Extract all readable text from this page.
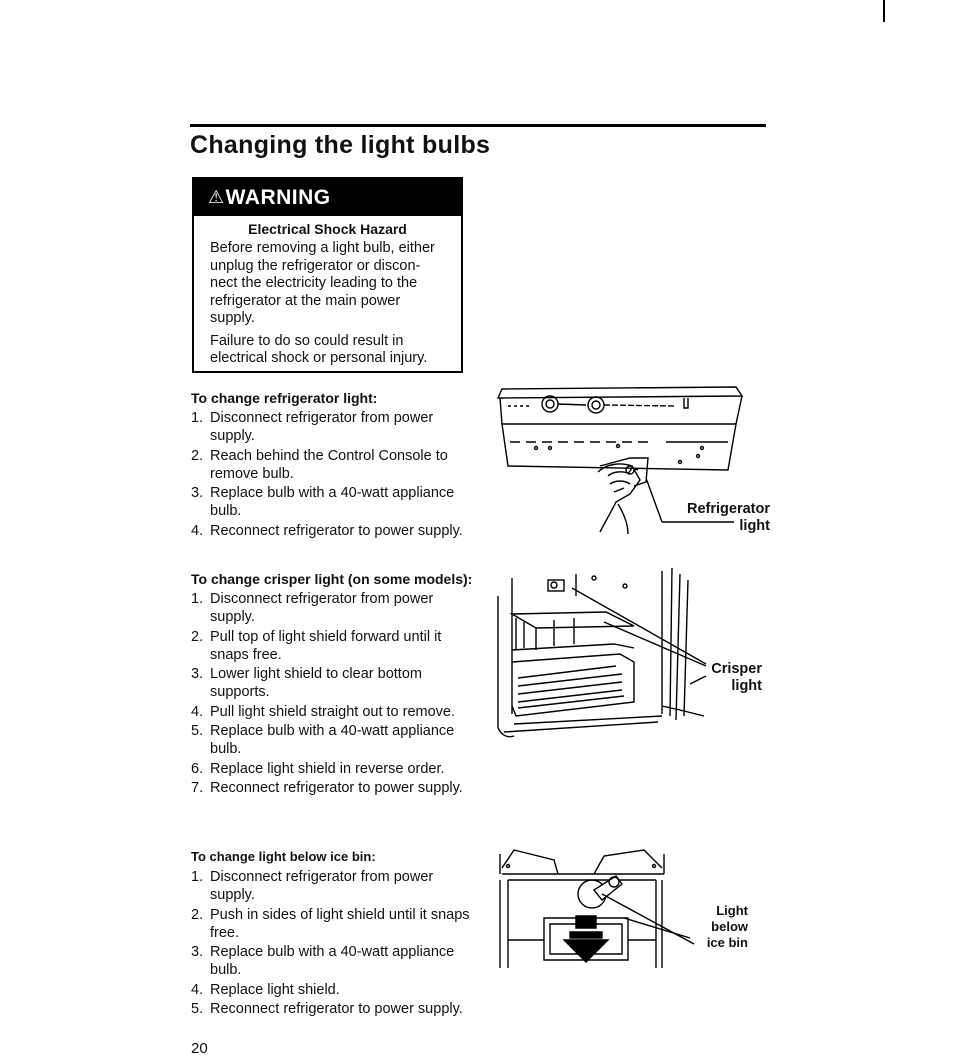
Changing the light bulbs
⚠ WARNING
Electrical Shock Hazard

Before removing a light bulb, either unplug the refrigerator or discon-nect the electricity leading to the refrigerator at the main power supply.

Failure to do so could result in electrical shock or personal injury.

To change refrigerator light:
1. Disconnect refrigerator from power supply.
2. Reach behind the Control Console to remove bulb.
3. Replace bulb with a 40-watt appliance bulb.
4. Reconnect refrigerator to power supply.
To change crisper light (on some models):
1. Disconnect refrigerator from power supply.
2. Pull top of light shield forward until it snaps free.
3. Lower light shield to clear bottom supports.
4. Pull light shield straight out to remove.
5. Replace bulb with a 40-watt appliance bulb.
6. Replace light shield in reverse order.
7. Reconnect refrigerator to power supply.
To change light below ice bin:
1. Disconnect refrigerator from power supply.
2. Push in sides of light shield until it snaps free.
3. Replace bulb with a 40-watt appliance bulb.
4. Replace light shield.
5. Reconnect refrigerator to power supply.
20
Refrigerator
light
Crisper
light
Light
below
ice bin
